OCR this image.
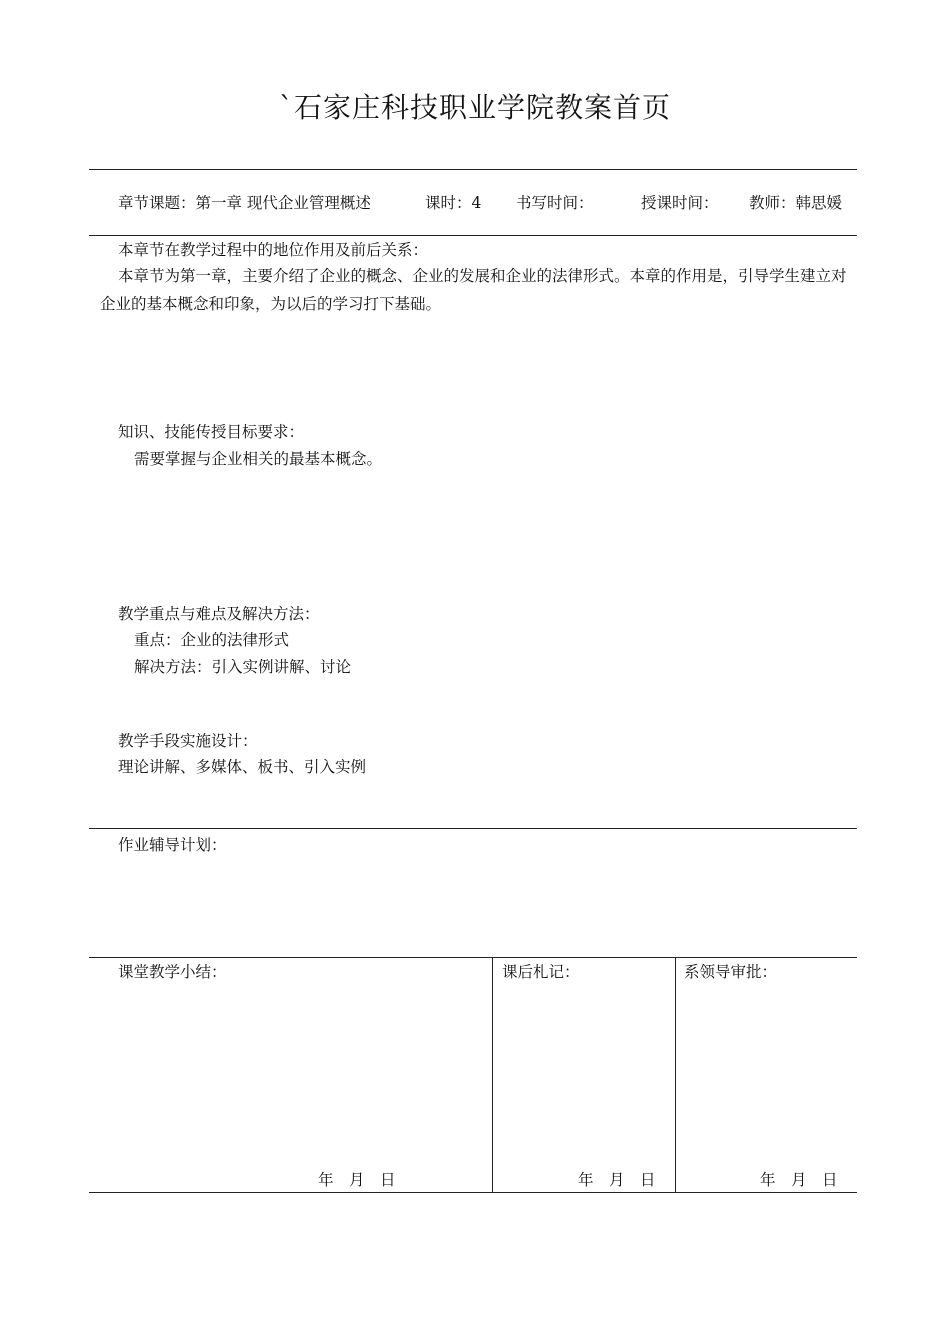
`石家庄科技职业学院教案首页
章节课题：第一章 现代企业管理概述	课时：4 书写时间：	授课时间： 教师：韩思媛
本章节在教学过程中的地位作用及前后关系：
本章节为第一章，主要介绍了企业的概念、企业的发展和企业的法律形式。本章的作用是，引导学生建立对企业的基本概念和印象，为以后的学习打下基础。
知识、技能传授目标要求：
需要掌握与企业相关的最基本概念。
教学重点与难点及解决方法：
重点：企业的法律形式
解决方法：引入实例讲解、讨论
教学手段实施设计：
理论讲解、多媒体、板书、引入实例
作业辅导计划：
课堂教学小结：	课后札记：	系领导审批：
年　月　日	年　月　日	年　月　日
